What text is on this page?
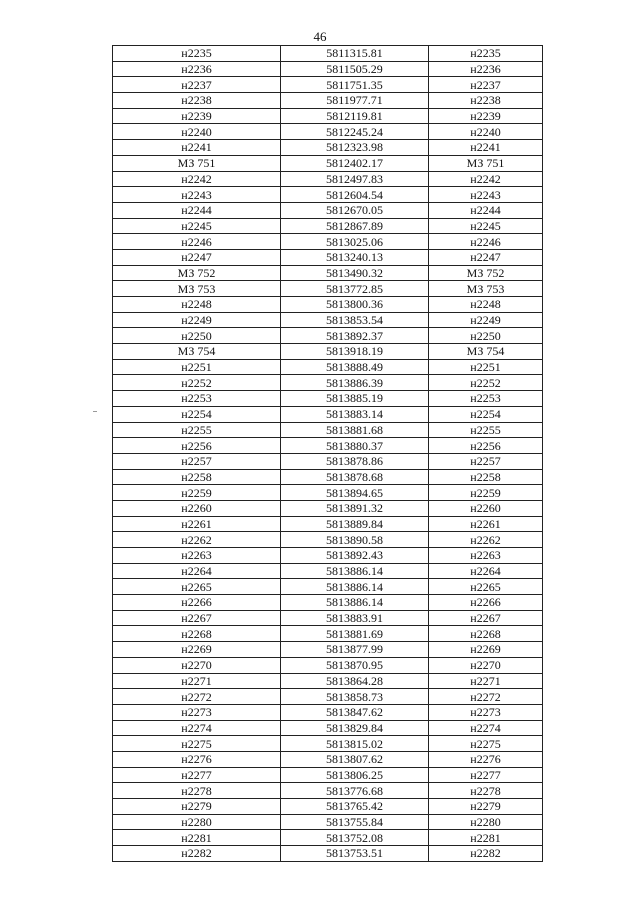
46
н2235	5811315.81	н2235
н2236	5811505.29	н2236
н2237	5811751.35	н2237
н2238	5811977.71	н2238
н2239	5812119.81	н2239
н2240	5812245.24	н2240
н2241	5812323.98	н2241
МЗ 751	5812402.17	МЗ 751
н2242	5812497.83	н2242
н2243	5812604.54	н2243
н2244	5812670.05	н2244
н2245	5812867.89	н2245
н2246	5813025.06	н2246
н2247	5813240.13	н2247
МЗ 752	5813490.32	МЗ 752
МЗ 753	5813772.85	МЗ 753
н2248	5813800.36	н2248
н2249	5813853.54	н2249
н2250	5813892.37	н2250
МЗ 754	5813918.19	МЗ 754
н2251	5813888.49	н2251
н2252	5813886.39	н2252
н2253	5813885.19	н2253
н2254	5813883.14	н2254
н2255	5813881.68	н2255
н2256	5813880.37	н2256
н2257	5813878.86	н2257
н2258	5813878.68	н2258
н2259	5813894.65	н2259
н2260	5813891.32	н2260
н2261	5813889.84	н2261
н2262	5813890.58	н2262
н2263	5813892.43	н2263
н2264	5813886.14	н2264
н2265	5813886.14	н2265
н2266	5813886.14	н2266
н2267	5813883.91	н2267
н2268	5813881.69	н2268
н2269	5813877.99	н2269
н2270	5813870.95	н2270
н2271	5813864.28	н2271
н2272	5813858.73	н2272
н2273	5813847.62	н2273
н2274	5813829.84	н2274
н2275	5813815.02	н2275
н2276	5813807.62	н2276
н2277	5813806.25	н2277
н2278	5813776.68	н2278
н2279	5813765.42	н2279
н2280	5813755.84	н2280
н2281	5813752.08	н2281
н2282	5813753.51	н2282
